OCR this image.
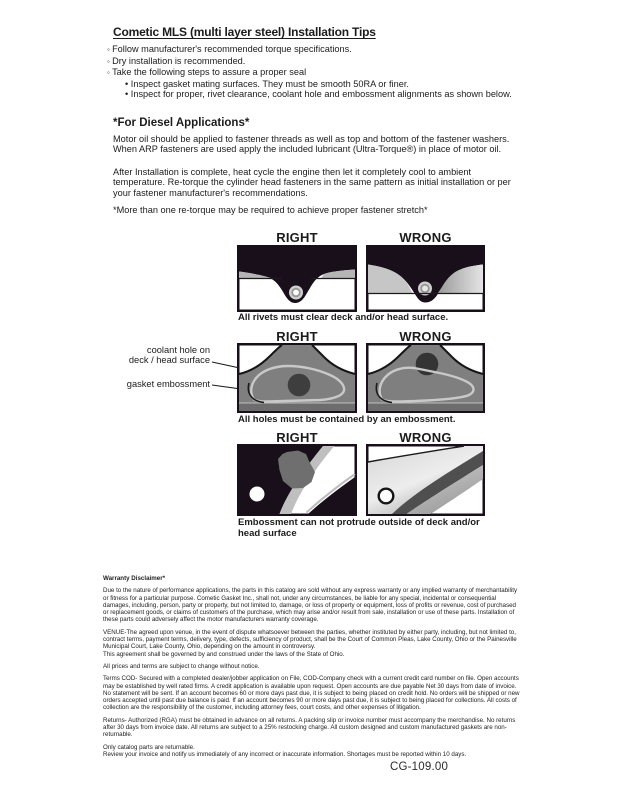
Cometic MLS (multi layer steel) Installation Tips
◦ Follow manufacturer's recommended torque specifications.
◦ Dry installation is recommended.
◦ Take the following steps to assure a proper seal
• Inspect gasket mating surfaces. They must be smooth 50RA or finer.
• Inspect for proper, rivet clearance, coolant hole and embossment alignments as shown below.
*For Diesel Applications*
Motor oil should be applied to fastener threads as well as top and bottom of the fastener washers. When ARP fasteners are used apply the included lubricant (Ultra-Torque®) in place of motor oil.
After Installation is complete, heat cycle the engine then let it completely cool to ambient temperature. Re-torque the cylinder head fasteners in the same pattern as initial installation or per your fastener manufacturer's recommendations.
*More than one re-torque may be required to achieve proper fastener stretch*
RIGHT	WRONG
All rivets must clear deck and/or head surface.
RIGHT	WRONG
coolant hole on
deck / head surface
gasket embossment
All holes must be contained by an embossment.
RIGHT	WRONG
Embossment can not protrude outside of deck and/or head surface
Warranty Disclaimer*
Due to the nature of performance applications, the parts in this catalog are sold without any express warranty or any implied warranty of merchantability or fitness for a particular purpose. Cometic Gasket Inc., shall not, under any circumstances, be liable for any special, incidental or consequential damages, including, person, party or property, but not limited to, damage, or loss of property or equipment, loss of profits or revenue, cost of purchased or replacement goods, or claims of customers of the purchase, which may arise and/or result from sale, installation or use of these parts. Installation of these parts could adversely affect the motor manufacturers warranty coverage.
VENUE-The agreed upon venue, in the event of dispute whatsoever between the parties, whether instituted by either party, including, but not limited to, contract terms, payment terms, delivery, type, defects, sufficiency of product, shall be the Court of Common Pleas, Lake County, Ohio or the Painesville Municipal Court, Lake County, Ohio, depending on the amount in controversy.
This agreement shall be governed by and construed under the laws of the State of Ohio.
All prices and terms are subject to change without notice.
Terms COD- Secured with a completed dealer/jobber application on File, COD-Company check with a current credit card number on file. Open accounts may be established by well rated firms. A credit application is available upon request. Open accounts are due payable Net 30 days from date of invoice. No statement will be sent. If an account becomes 60 or more days past due, it is subject to being placed on credit hold. No orders will be shipped or new orders accepted until past due balance is paid. If an account becomes 90 or more days past due, it is subject to being placed for collections. All costs of collection are the responsibility of the customer, including attorney fees, court costs, and other expenses of litigation.
Returns- Authorized (RGA) must be obtained in advance on all returns. A packing slip or invoice number must accompany the merchandise. No returns after 30 days from invoice date. All returns are subject to a 25% restocking charge. All custom designed and custom manufactured gaskets are non-returnable.
Only catalog parts are returnable.
Review your invoice and notify us immediately of any incorrect or inaccurate information. Shortages must be reported within 10 days.
CG-109.00
